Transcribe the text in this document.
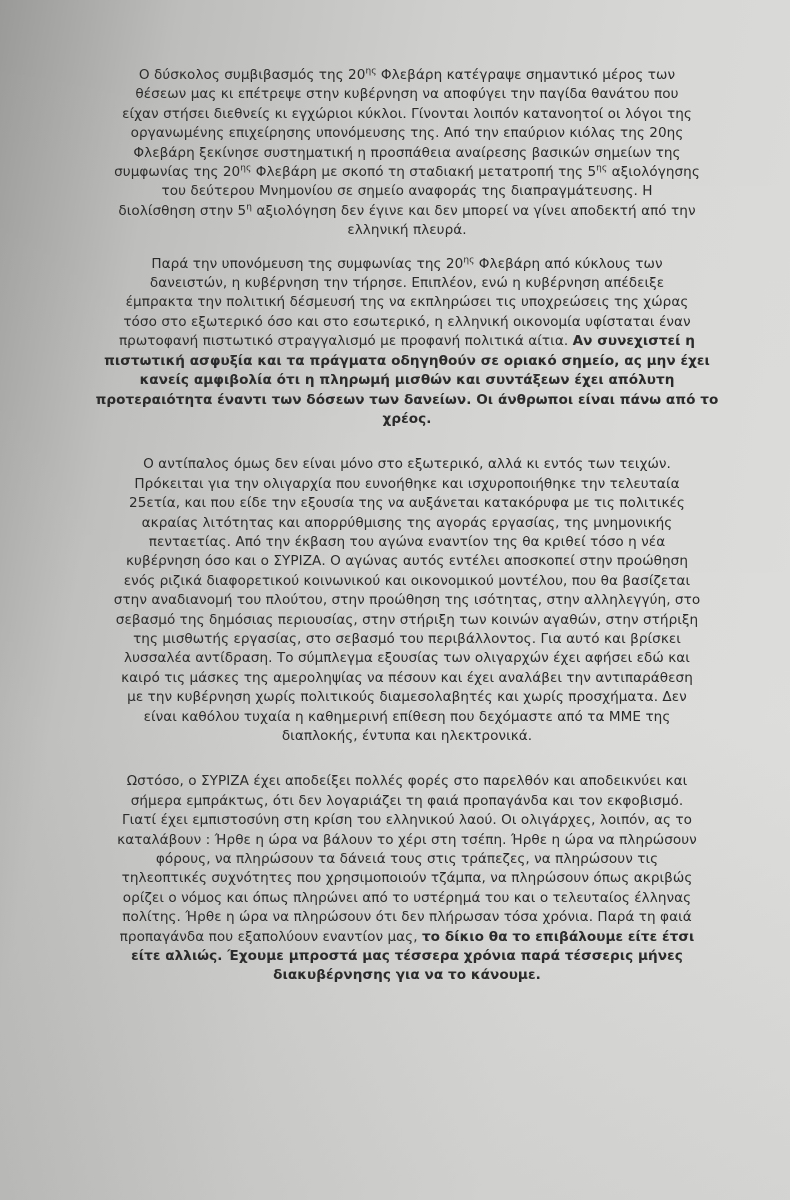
Ο δύσκολος συμβιβασμός της $20^{\eta\varsigma}$ Φλεβάρη κατέγραψε σημαντικό μέρος των
θέσεων μας κι επέτρεψε στην κυβέρνηση να αποφύγει την παγίδα θανάτου που
είχαν στήσει διεθνείς κι εγχώριοι κύκλοι. Γίνονται λοιπόν κατανοητοί οι λόγοι της
οργανωμένης επιχείρησης υπονόμευσης της. Από την επαύριον κιόλας της 20ης
Φλεβάρη ξεκίνησε συστηματική η προσπάθεια αναίρεσης βασικών σημείων της
συμφωνίας της $20^{\eta\varsigma}$ Φλεβάρη με σκοπό τη σταδιακή μετατροπή της $5^{\eta\varsigma}$ αξιολόγησης
του δεύτερου Μνημονίου σε σημείο αναφοράς της διαπραγμάτευσης. Η
διολίσθηση στην $5^\eta$ αξιολόγηση δεν έγινε και δεν μπορεί να γίνει αποδεκτή από την
ελληνική πλευρά.

Παρά την υπονόμευση της συμφωνίας της $20^{\eta\varsigma}$ Φλεβάρη από κύκλους των
δανειστών, η κυβέρνηση την τήρησε. Επιπλέον, ενώ η κυβέρνηση απέδειξε
έμπρακτα την πολιτική δέσμευσή της να εκπληρώσει τις υποχρεώσεις της χώρας
τόσο στο εξωτερικό όσο και στο εσωτερικό, η ελληνική οικονομία υφίσταται έναν
πρωτοφανή πιστωτικό στραγγαλισμό με προφανή πολιτικά αίτια. Αν συνεχιστεί η
πιστωτική ασφυξία και τα πράγματα οδηγηθούν σε οριακό σημείο, ας μην έχει
κανείς αμφιβολία ότι η πληρωμή μισθών και συντάξεων έχει απόλυτη
προτεραιότητα έναντι των δόσεων των δανείων. Οι άνθρωποι είναι πάνω από το
χρέος.

Ο αντίπαλος όμως δεν είναι μόνο στο εξωτερικό, αλλά κι εντός των τειχών.
Πρόκειται για την ολιγαρχία που ευνοήθηκε και ισχυροποιήθηκε την τελευταία
25ετία, και που είδε την εξουσία της να αυξάνεται κατακόρυφα με τις πολιτικές
ακραίας λιτότητας και απορρύθμισης της αγοράς εργασίας, της μνημονικής
πενταετίας. Από την έκβαση του αγώνα εναντίον της θα κριθεί τόσο η νέα
κυβέρνηση όσο και ο ΣΥΡΙΖΑ. Ο αγώνας αυτός εντέλει αποσκοπεί στην προώθηση
ενός ριζικά διαφορετικού κοινωνικού και οικονομικού μοντέλου, που θα βασίζεται
στην αναδιανομή του πλούτου, στην προώθηση της ισότητας, στην αλληλεγγύη, στο
σεβασμό της δημόσιας περιουσίας, στην στήριξη των κοινών αγαθών, στην στήριξη
της μισθωτής εργασίας, στο σεβασμό του περιβάλλοντος. Για αυτό και βρίσκει
λυσσαλέα αντίδραση. Το σύμπλεγμα εξουσίας των ολιγαρχών έχει αφήσει εδώ και
καιρό τις μάσκες της αμεροληψίας να πέσουν και έχει αναλάβει την αντιπαράθεση
με την κυβέρνηση χωρίς πολιτικούς διαμεσολαβητές και χωρίς προσχήματα. Δεν
είναι καθόλου τυχαία η καθημερινή επίθεση που δεχόμαστε από τα ΜΜΕ της
διαπλοκής, έντυπα και ηλεκτρονικά.

Ωστόσο, ο ΣΥΡΙΖΑ έχει αποδείξει πολλές φορές στο παρελθόν και αποδεικνύει και
σήμερα εμπράκτως, ότι δεν λογαριάζει τη φαιά προπαγάνδα και τον εκφοβισμό.
Γιατί έχει εμπιστοσύνη στη κρίση του ελληνικού λαού. Οι ολιγάρχες, λοιπόν, ας το
καταλάβουν : Ήρθε η ώρα να βάλουν το χέρι στη τσέπη. Ήρθε η ώρα να πληρώσουν
φόρους, να πληρώσουν τα δάνειά τους στις τράπεζες, να πληρώσουν τις
τηλεοπτικές συχνότητες που χρησιμοποιούν τζάμπα, να πληρώσουν όπως ακριβώς
ορίζει ο νόμος και όπως πληρώνει από το υστέρημά του και ο τελευταίος έλληνας
πολίτης. Ήρθε η ώρα να πληρώσουν ότι δεν πλήρωσαν τόσα χρόνια. Παρά τη φαιά
προπαγάνδα που εξαπολύουν εναντίον μας, το δίκιο θα το επιβάλουμε είτε έτσι
είτε αλλιώς. Έχουμε μπροστά μας τέσσερα χρόνια παρά τέσσερις μήνες
διακυβέρνησης για να το κάνουμε.
